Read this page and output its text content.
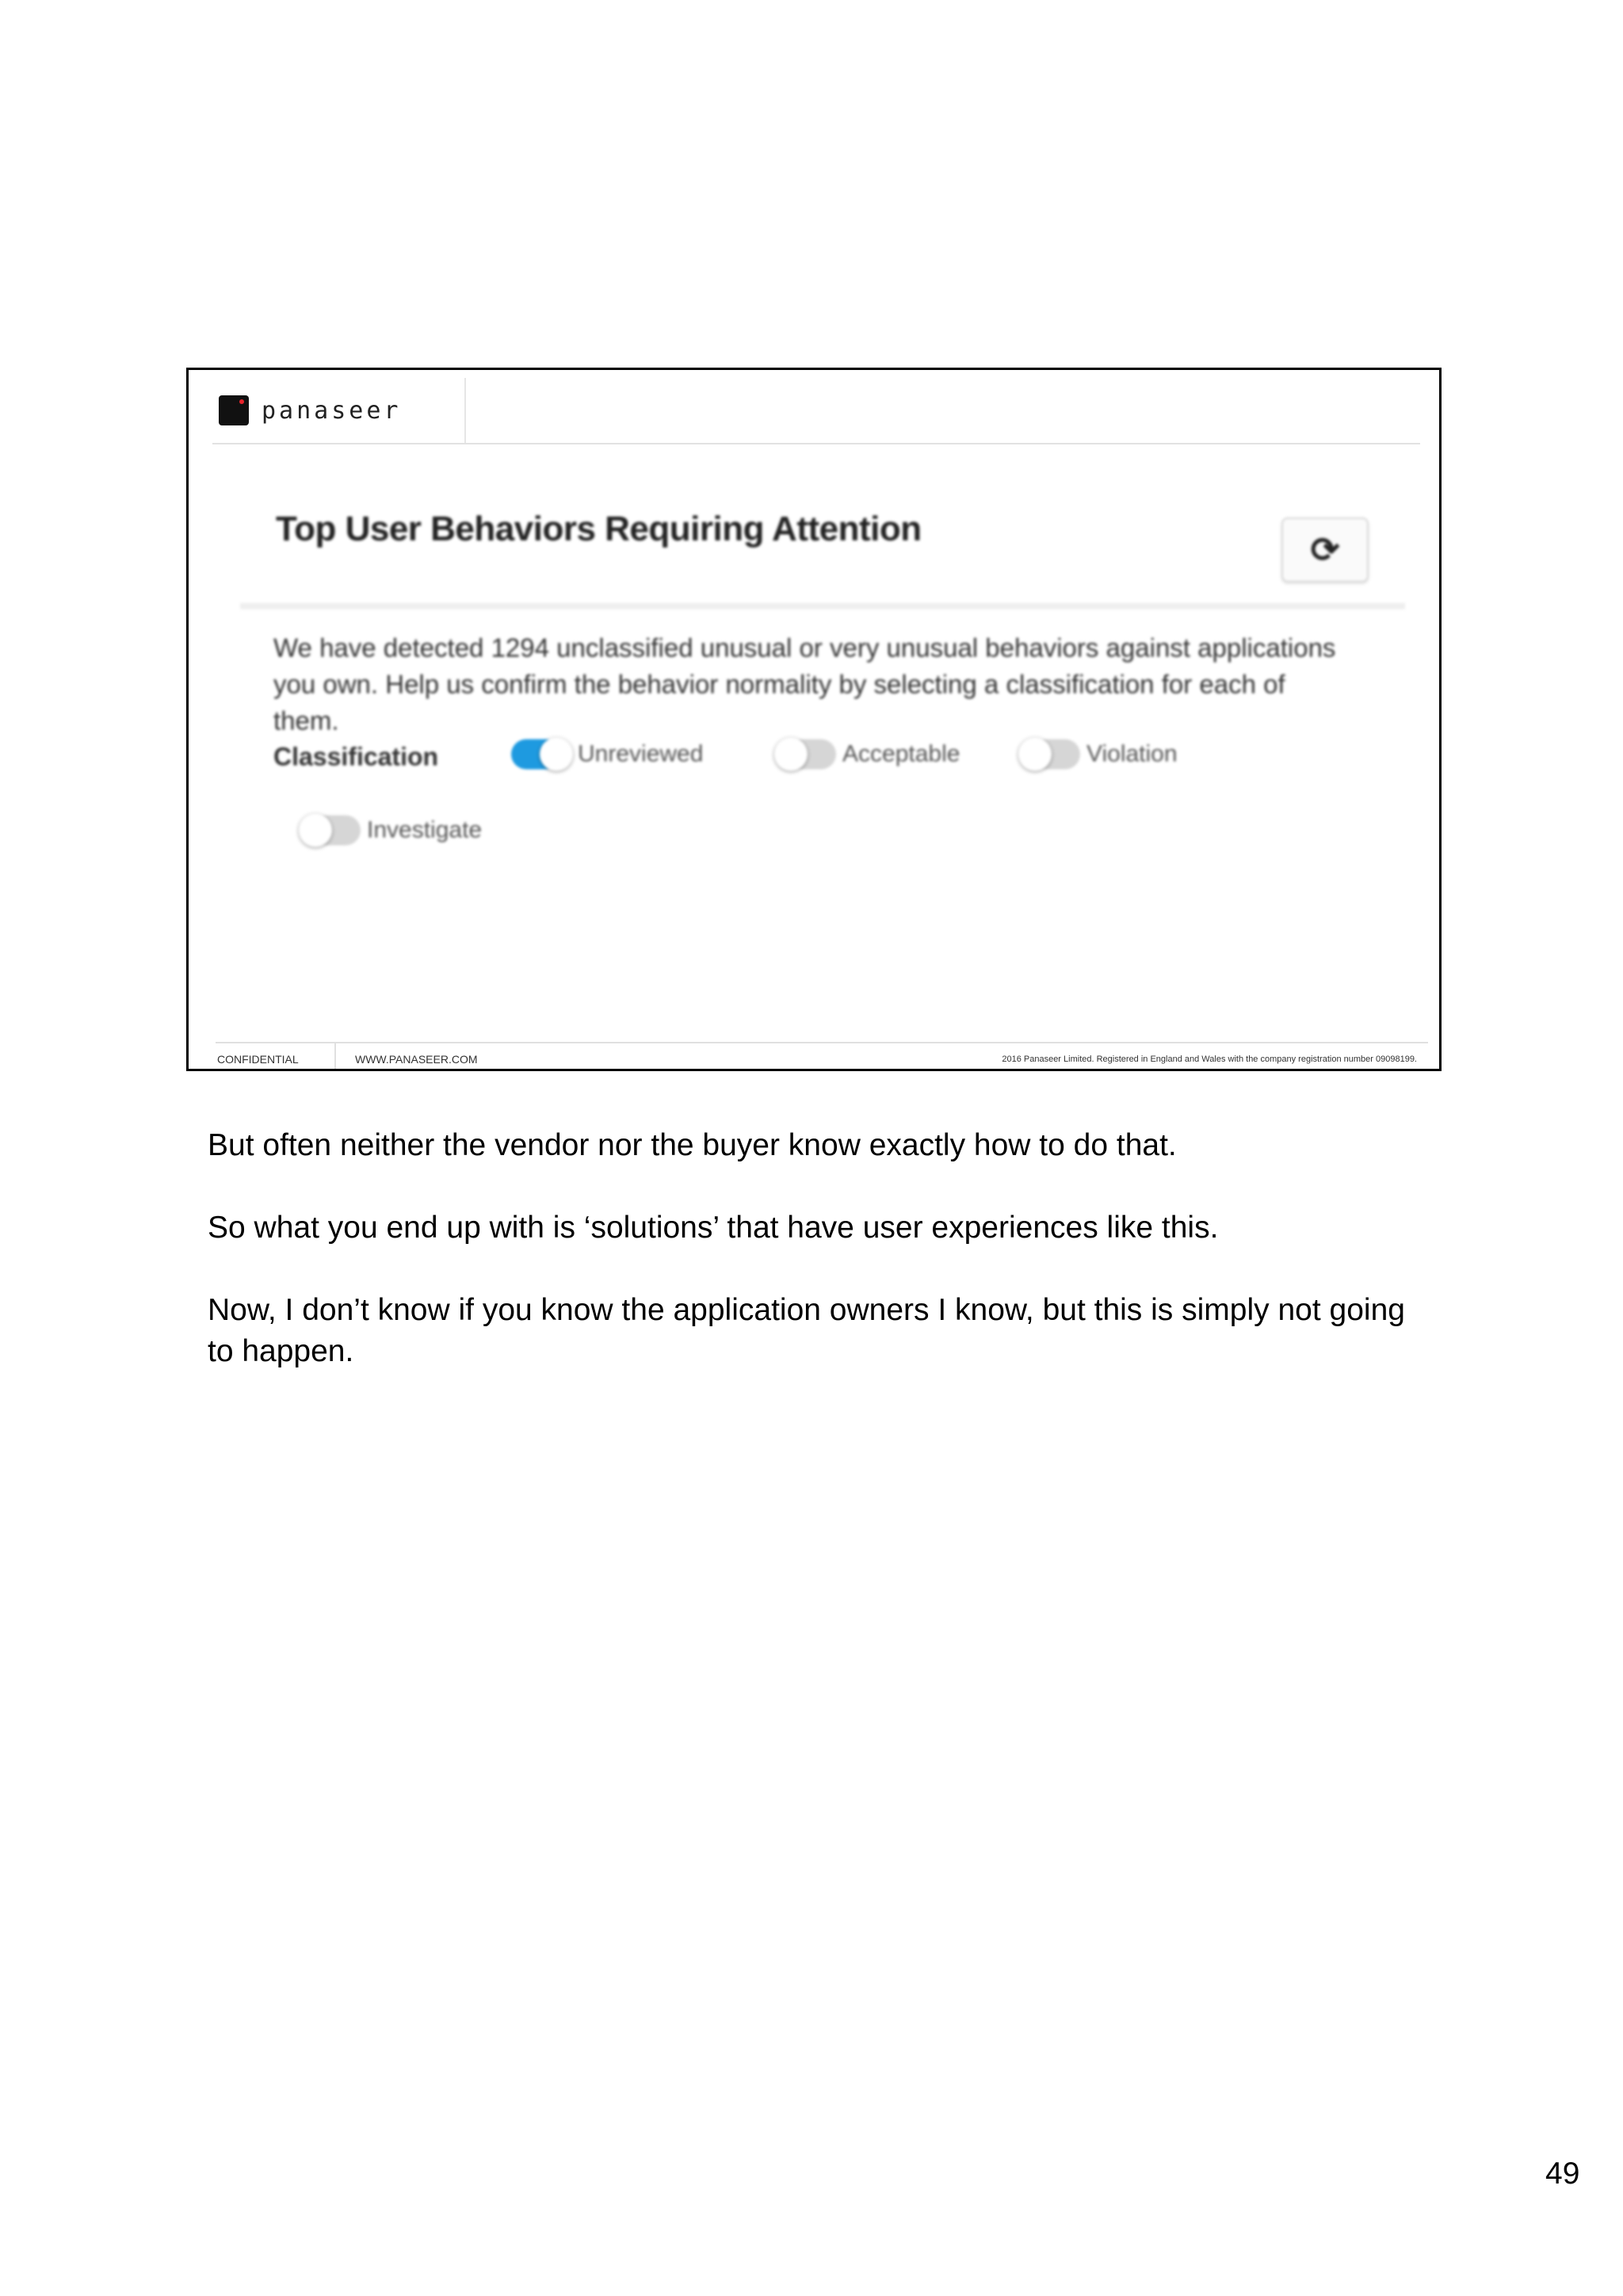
panaseer
Top User Behaviors Requiring Attention
⟳
We have detected 1294 unclassified unusual or very unusual behaviors against applications you own. Help us confirm the behavior normality by selecting a classification for each of them.
Classification	Unreviewed	Acceptable	Violation
Investigate
CONFIDENTIAL	WWW.PANASEER.COM	2016 Panaseer Limited. Registered in England and Wales with the company registration number 09098199.

But often neither the vendor nor the buyer know exactly how to do that.

So what you end up with is ‘solutions’ that have user experiences like this.

Now, I don’t know if you know the application owners I know, but this is simply not going to happen.

49
